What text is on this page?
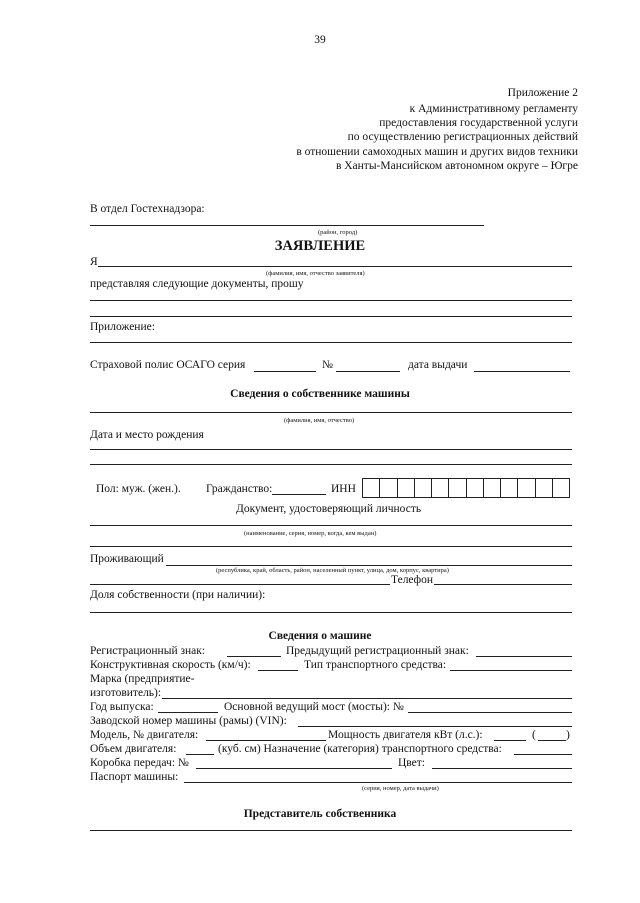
39
Приложение 2
к Административному регламенту
предоставления государственной услуги
по осуществлению регистрационных действий
в отношении самоходных машин и других видов техники
в Ханты-Мансийском автономном округе – Югре
В отдел Гостехнадзора:
(район, город)
ЗАЯВЛЕНИЕ
Я
(фамилия, имя, отчество заявителя)
представляя следующие документы, прошу
Приложение:
Страховой полис ОСАГО серия	№	дата выдачи
Сведения о собственнике машины
(фамилия, имя, отчество)
Дата и место рождения
Пол: муж. (жен.). Гражданство:	ИНН
Документ, удостоверяющий личность
(наименование, серия, номер, когда, кем выдан)
Проживающий
(республика, край, область, район, населенный пункт, улица, дом, корпус, квартира)
Телефон
Доля собственности (при наличии):
Сведения о машине
Регистрационный знак:	Предыдущий регистрационный знак:
Конструктивная скорость (км/ч):	Тип транспортного средства:
Марка (предприятие-
изготовитель):
Год выпуска:	Основной ведущий мост (мосты): №
Заводской номер машины (рамы) (VIN):
Модель, № двигателя:	Мощность двигателя кВт (л.с.):	(	)
Объем двигателя:	(куб. см) Назначение (категория) транспортного средства:
Коробка передач: №	Цвет:
Паспорт машины:
(серия, номер, дата выдачи)
Представитель собственника
